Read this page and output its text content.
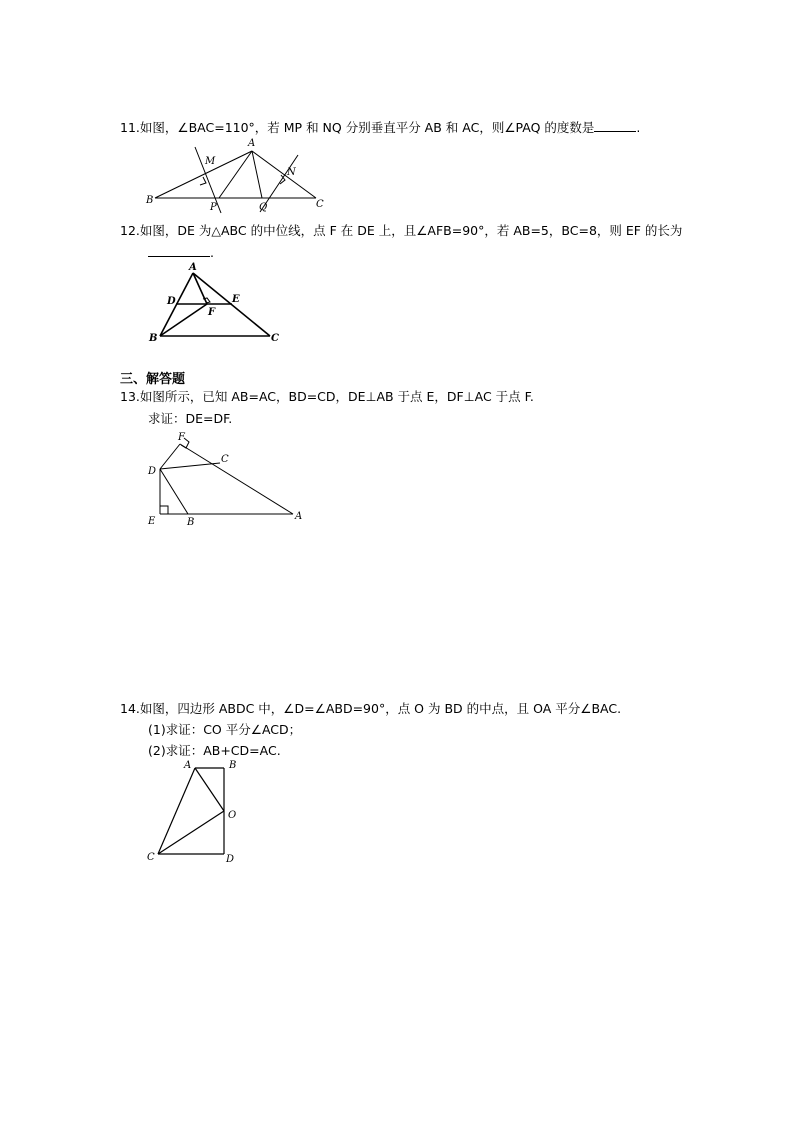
11.如图，∠BAC=110°，若 MP 和 NQ 分别垂直平分 AB 和 AC，则∠PAQ 的度数是	.
A
B	C
M
N
P	Q
12.如图，DE 为△ABC 的中位线，点 F 在 DE 上，且∠AFB=90°，若 AB=5，BC=8，则 EF 的长为
.
A
B	C
D	E
F
三、解答题
13.如图所示，已知 AB=AC，BD=CD，DE⊥AB 于点 E，DF⊥AC 于点 F.
求证：DE=DF.
A
B
C
D
E
F
14.如图，四边形 ABDC 中，∠D=∠ABD=90°，点 O 为 BD 的中点，且 OA 平分∠BAC.
(1)求证：CO 平分∠ACD；
(2)求证：AB+CD=AC.
A	B
C	D
O
